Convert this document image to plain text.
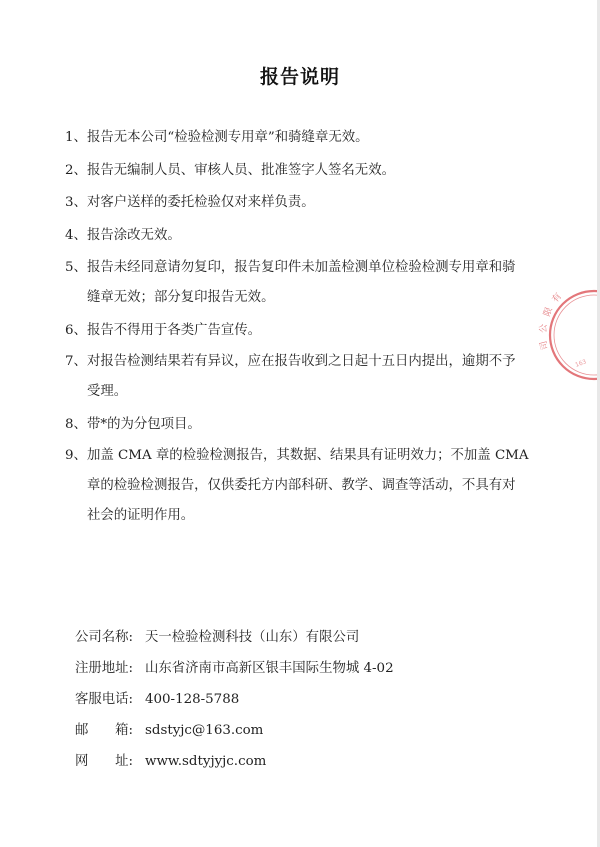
报告说明
1、报告无本公司“检验检测专用章”和骑缝章无效。
2、报告无编制人员、审核人员、批准签字人签名无效。
3、对客户送样的委托检验仅对来样负责。
4、报告涂改无效。
5、报告未经同意请勿复印，报告复印件未加盖检测单位检验检测专用章和骑
缝章无效；部分复印报告无效。
6、报告不得用于各类广告宣传。
7、对报告检测结果若有异议，应在报告收到之日起十五日内提出，逾期不予
受理。
8、带*的为分包项目。
9、加盖 CMA 章的检验检测报告，其数据、结果具有证明效力；不加盖 CMA
章的检验检测报告，仅供委托方内部科研、教学、调查等活动，不具有对
社会的证明作用。
公司名称: 天一检验检测科技（山东）有限公司
注册地址: 山东省济南市高新区银丰国际生物城 4-02
客服电话: 400-128-5788
邮　　箱: sdstyjc@163.com
网　　址: www.sdtyjyjc.com
有
限
公
司
163
